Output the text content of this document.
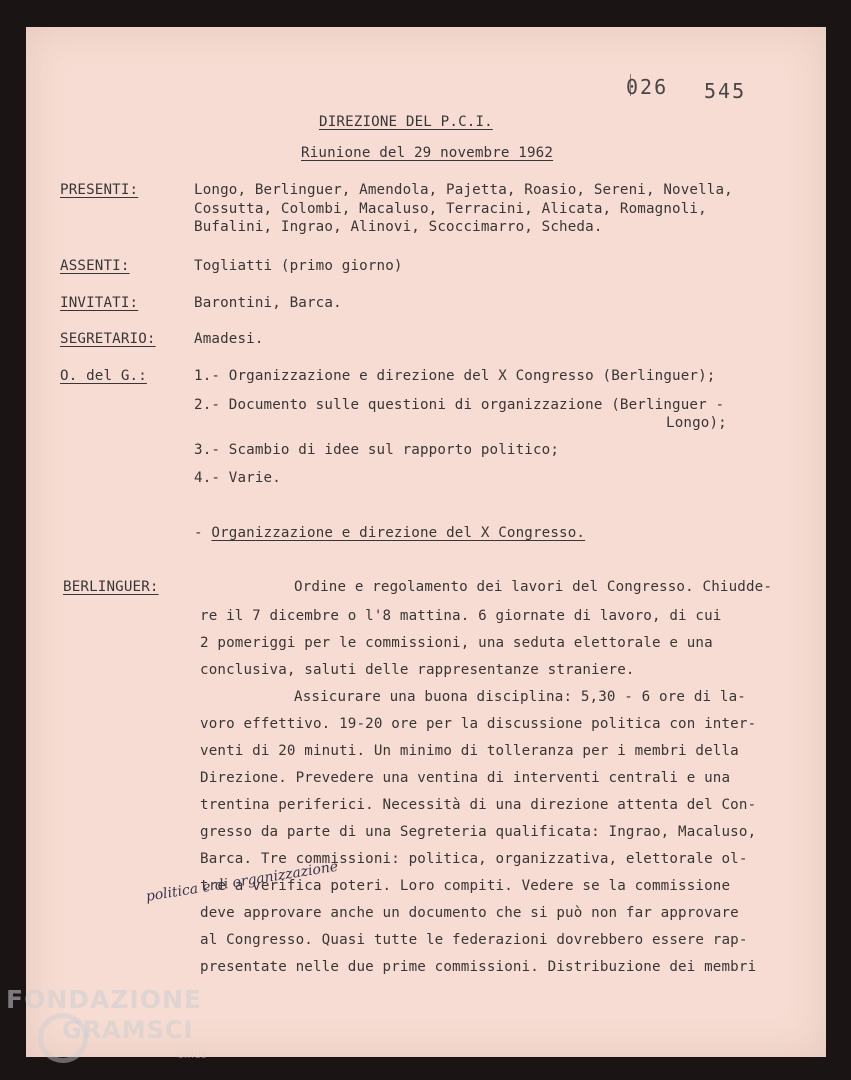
026 545
DIREZIONE DEL P.C.I.
Riunione del 29 novembre 1962
PRESENTI:	Longo, Berlinguer, Amendola, Pajetta, Roasio, Sereni, Novella,
Cossutta, Colombi, Macaluso, Terracini, Alicata, Romagnoli,
Bufalini, Ingrao, Alinovi, Scoccimarro, Scheda.
ASSENTI:	Togliatti (primo giorno)
INVITATI:	Barontini, Barca.
SEGRETARIO:	Amadesi.
O. del G.:	1.- Organizzazione e direzione del X Congresso (Berlinguer);
2.- Documento sulle questioni di organizzazione (Berlinguer -
Longo);
3.- Scambio di idee sul rapporto politico;
4.- Varie.
- Organizzazione e direzione del X Congresso.
BERLINGUER:	Ordine e regolamento dei lavori del Congresso. Chiudde-
re il 7 dicembre o l'8 mattina. 6 giornate di lavoro, di cui
2 pomeriggi per le commissioni, una seduta elettorale e una
conclusiva, saluti delle rappresentanze straniere.
Assicurare una buona disciplina: 5,30 - 6 ore di la-
voro effettivo. 19-20 ore per la discussione politica con inter-
venti di 20 minuti. Un minimo di tolleranza per i membri della
Direzione. Prevedere una ventina di interventi centrali e una
trentina periferici. Necessità di una direzione attenta del Con-
gresso da parte di una Segreteria qualificata: Ingrao, Macaluso,
Barca. Tre commissioni: politica, organizzativa, elettorale ol-
tre a verifica poteri. Loro compiti. Vedere se la commissione
deve approvare anche un documento che si può non far approvare
al Congresso. Quasi tutte le federazioni dovrebbero essere rap-
presentate nelle due prime commissioni. Distribuzione dei membri
politica e di organizzazione
FONDAZIONE
GRAMSCI
onlus
